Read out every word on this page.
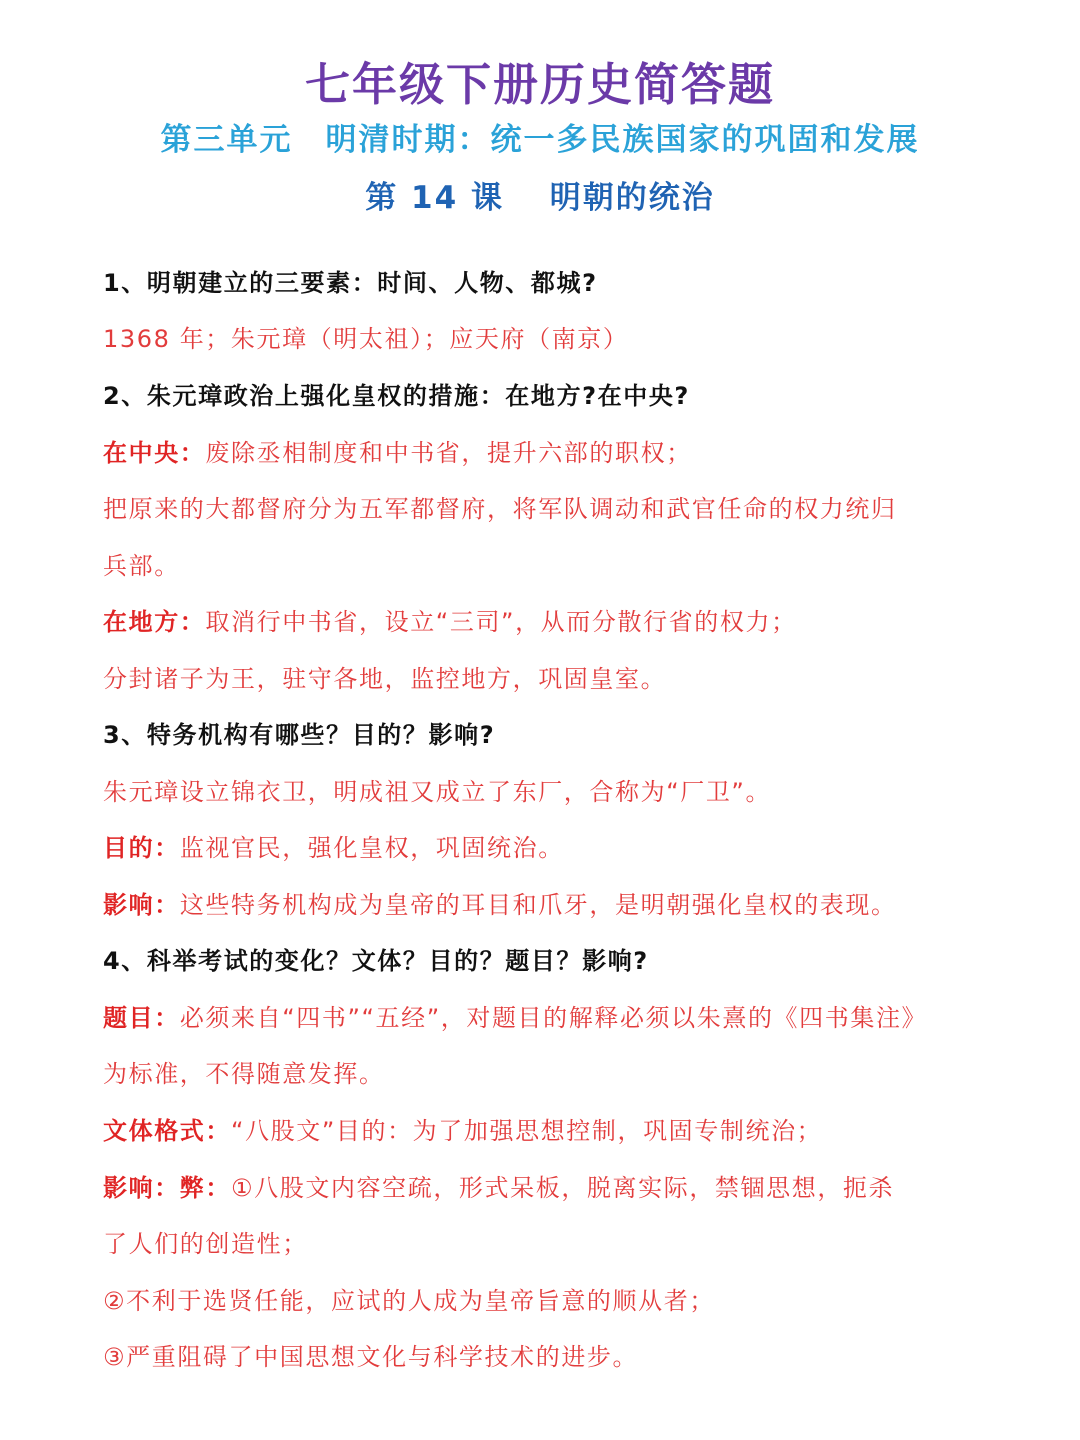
七年级下册历史简答题
第三单元　明清时期：统一多民族国家的巩固和发展
第 14 课　 明朝的统治
1、明朝建立的三要素：时间、人物、都城?
1368 年；朱元璋（明太祖）；应天府（南京）
2、朱元璋政治上强化皇权的措施：在地方?在中央?
在中央：废除丞相制度和中书省，提升六部的职权；
把原来的大都督府分为五军都督府，将军队调动和武官任命的权力统归
兵部。
在地方：取消行中书省，设立“三司”，从而分散行省的权力；
分封诸子为王，驻守各地，监控地方，巩固皇室。
3、特务机构有哪些？目的？影响?
朱元璋设立锦衣卫，明成祖又成立了东厂，合称为“厂卫”。
目的：监视官民，强化皇权，巩固统治。
影响：这些特务机构成为皇帝的耳目和爪牙，是明朝强化皇权的表现。
4、科举考试的变化？文体？目的？题目？影响?
题目：必须来自“四书”“五经”，对题目的解释必须以朱熹的《四书集注》
为标准，不得随意发挥。
文体格式：“八股文”目的：为了加强思想控制，巩固专制统治；
影响：弊：①八股文内容空疏，形式呆板，脱离实际，禁锢思想，扼杀
了人们的创造性；
②不利于选贤任能，应试的人成为皇帝旨意的顺从者；
③严重阻碍了中国思想文化与科学技术的进步。
